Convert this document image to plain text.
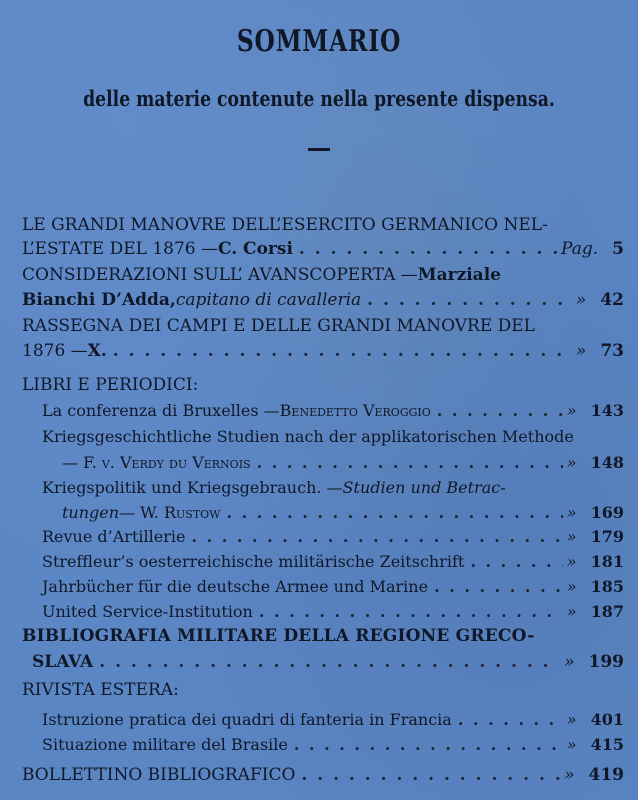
SOMMARIO
delle materie contenute nella presente dispensa.
LE GRANDI MANOVRE DELL’ESERCITO GERMANICO NEL-
L’ESTATE DEL 1876 — C. Corsi . . .	Pag. 5
CONSIDERAZIONI SULL’ AVANSCOPERTA — Marziale
Bianchi D’Adda, capitano di cavalleria . . .	» 42
RASSEGNA DEI CAMPI E DELLE GRANDI MANOVRE DEL
1876 — X. . . .	» 73
LIBRI E PERIODICI:
La conferenza di Bruxelles — Benedetto Veroggio . . .	» 143
Kriegsgeschichtliche Studien nach der applikatorischen Methode
— F. v. Verdy du Vernois . . .	» 148
Kriegspolitik und Kriegsgebrauch. — Studien und Betrac-
tungen — W. Rustow . . .	» 169
Revue d’Artillerie . . .	» 179
Streffleur’s oesterreichische militärische Zeitschrift . . .	» 181
Jahrbücher für die deutsche Armee und Marine . . .	» 185
United Service-Institution . . .	» 187
BIBLIOGRAFIA MILITARE DELLA REGIONE GRECO-
SLAVA . . .	» 199
RIVISTA ESTERA:
Istruzione pratica dei quadri di fanteria in Francia . . .	» 401
Situazione militare del Brasile . . .	» 415
BOLLETTINO BIBLIOGRAFICO . . .	» 419
